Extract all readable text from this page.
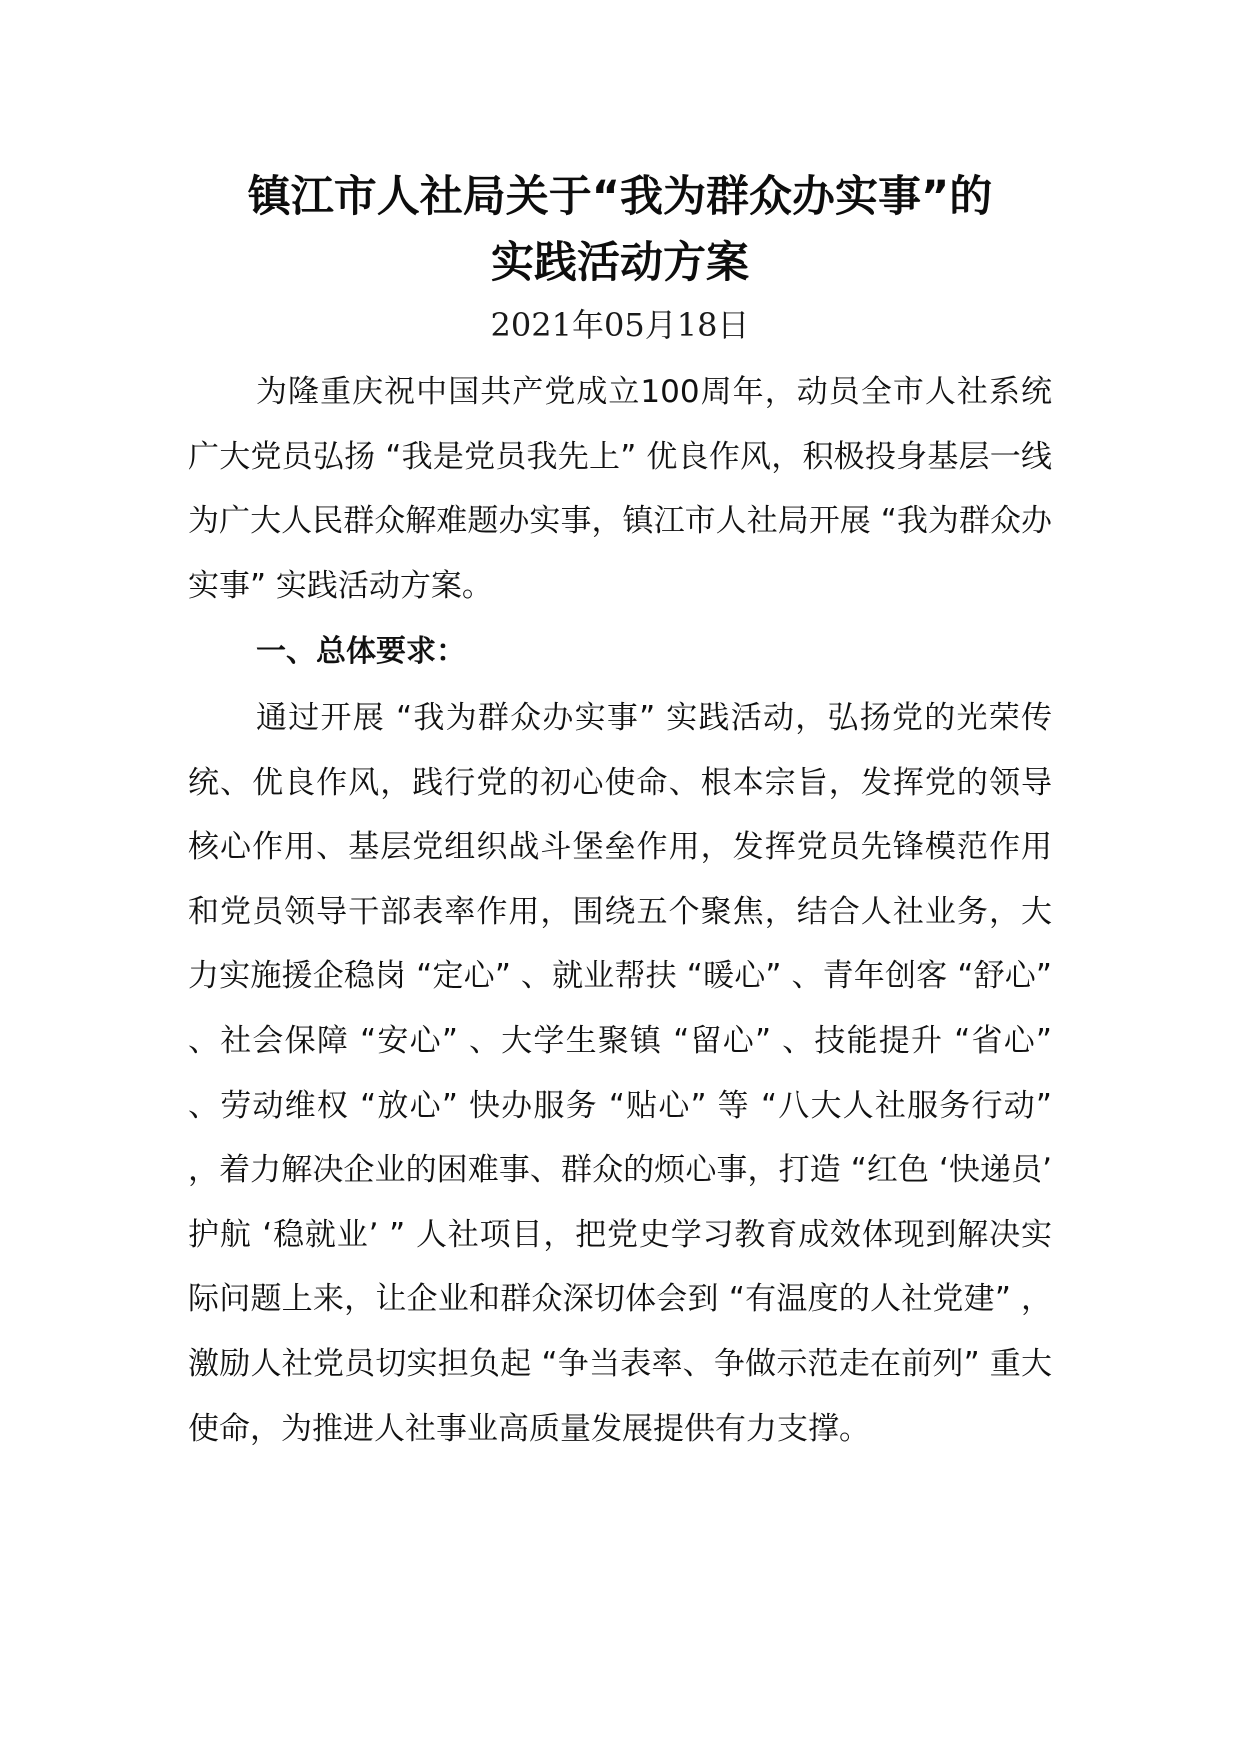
镇江市人社局关于“我为群众办实事”的
实践活动方案
2021年05月18日

为隆重庆祝中国共产党成立100周年，动员全市人社系统广大党员弘扬 “我是党员我先上” 优良作风，积极投身基层一线为广大人民群众解难题办实事，镇江市人社局开展 “我为群众办实事” 实践活动方案。

一、总体要求：

通过开展 “我为群众办实事” 实践活动，弘扬党的光荣传统、优良作风，践行党的初心使命、根本宗旨，发挥党的领导核心作用、基层党组织战斗堡垒作用，发挥党员先锋模范作用和党员领导干部表率作用，围绕五个聚焦，结合人社业务，大力实施援企稳岗 “定心” 、就业帮扶 “暖心” 、青年创客 “舒心” 、社会保障 “安心” 、大学生聚镇 “留心” 、技能提升 “省心” 、劳动维权 “放心” 快办服务 “贴心” 等 “八大人社服务行动” ，着力解决企业的困难事、群众的烦心事，打造 “红色 ‘快递员’ 护航 ‘稳就业’ ” 人社项目，把党史学习教育成效体现到解决实际问题上来，让企业和群众深切体会到 “有温度的人社党建” ，激励人社党员切实担负起 “争当表率、争做示范走在前列” 重大使命，为推进人社事业高质量发展提供有力支撑。
